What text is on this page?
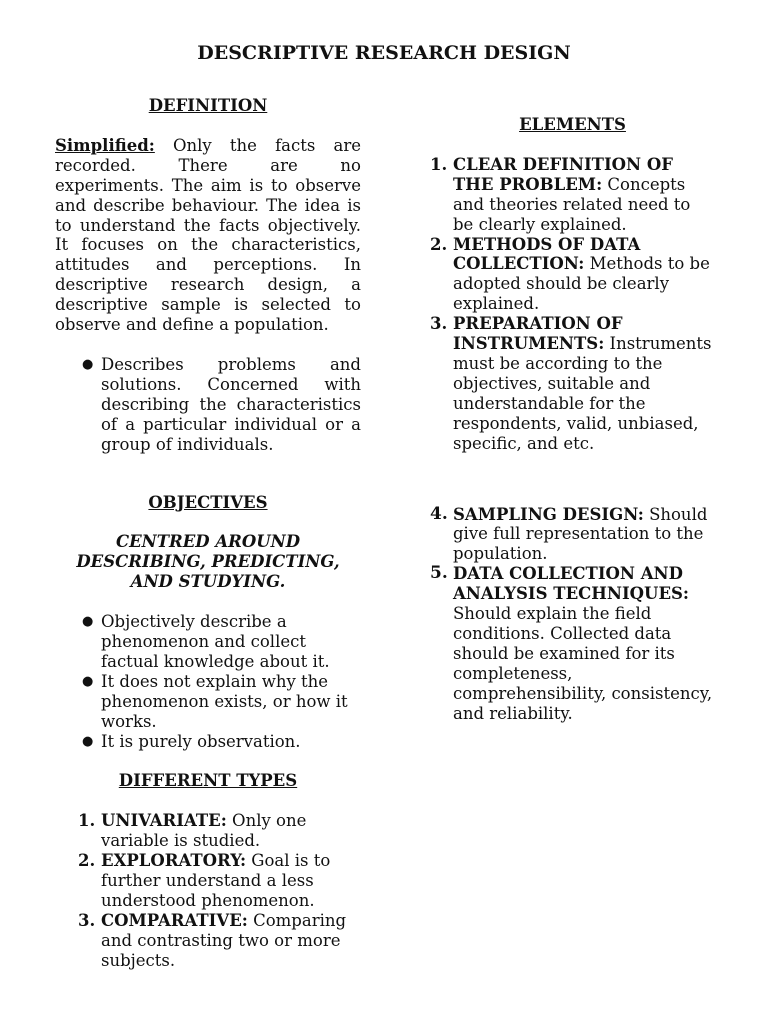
DESCRIPTIVE RESEARCH DESIGN

DEFINITION

Simplified: Only the facts are recorded. There are no experiments. The aim is to observe and describe behaviour. The idea is to understand the facts objectively. It focuses on the characteristics, attitudes and perceptions. In descriptive research design, a descriptive sample is selected to observe and define a population.

● Describes problems and solutions. Concerned with describing the characteristics of a particular individual or a group of individuals.

OBJECTIVES

CENTRED AROUND DESCRIBING, PREDICTING, AND STUDYING.

● Objectively describe a phenomenon and collect factual knowledge about it.
● It does not explain why the phenomenon exists, or how it works.
● It is purely observation.

DIFFERENT TYPES

1. UNIVARIATE: Only one variable is studied.
2. EXPLORATORY: Goal is to further understand a less understood phenomenon.
3. COMPARATIVE: Comparing and contrasting two or more subjects.

ELEMENTS

1. CLEAR DEFINITION OF THE PROBLEM: Concepts and theories related need to be clearly explained.
2. METHODS OF DATA COLLECTION: Methods to be adopted should be clearly explained.
3. PREPARATION OF INSTRUMENTS: Instruments must be according to the objectives, suitable and understandable for the respondents, valid, unbiased, specific, and etc.
4. SAMPLING DESIGN: Should give full representation to the population.
5. DATA COLLECTION AND ANALYSIS TECHNIQUES: Should explain the field conditions. Collected data should be examined for its completeness, comprehensibility, consistency, and reliability.
